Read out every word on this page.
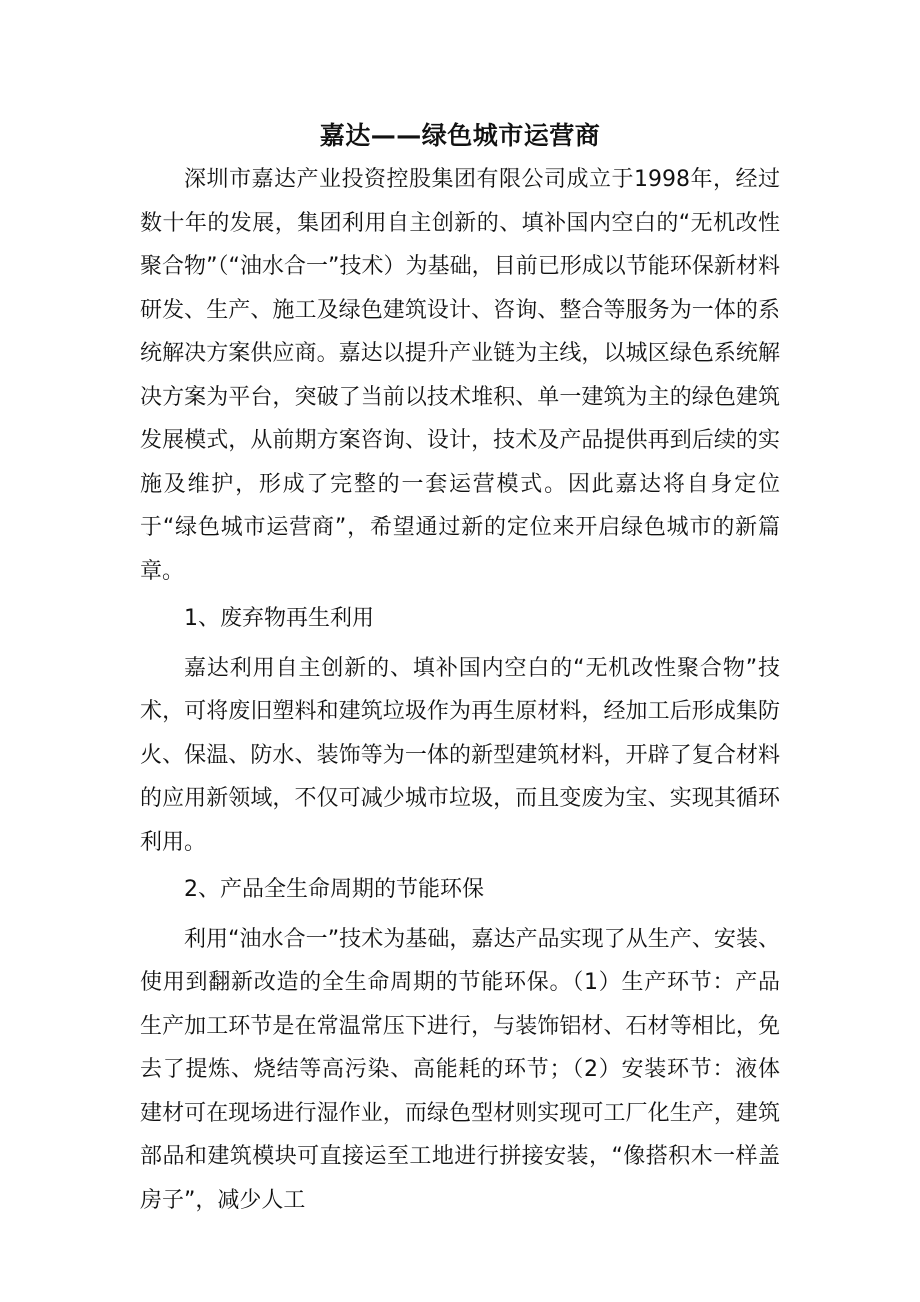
嘉达——绿色城市运营商

深圳市嘉达产业投资控股集团有限公司成立于1998年，经过数十年的发展，集团利用自主创新的、填补国内空白的“无机改性聚合物”（“油水合一”技术）为基础，目前已形成以节能环保新材料研发、生产、施工及绿色建筑设计、咨询、整合等服务为一体的系统解决方案供应商。嘉达以提升产业链为主线，以城区绿色系统解决方案为平台，突破了当前以技术堆积、单一建筑为主的绿色建筑发展模式，从前期方案咨询、设计，技术及产品提供再到后续的实施及维护，形成了完整的一套运营模式。因此嘉达将自身定位于“绿色城市运营商”，希望通过新的定位来开启绿色城市的新篇章。

1、废弃物再生利用

嘉达利用自主创新的、填补国内空白的“无机改性聚合物”技术，可将废旧塑料和建筑垃圾作为再生原材料，经加工后形成集防火、保温、防水、装饰等为一体的新型建筑材料，开辟了复合材料的应用新领域，不仅可减少城市垃圾，而且变废为宝、实现其循环利用。

2、产品全生命周期的节能环保

利用“油水合一”技术为基础，嘉达产品实现了从生产、安装、使用到翻新改造的全生命周期的节能环保。（1）生产环节：产品生产加工环节是在常温常压下进行，与装饰铝材、石材等相比，免去了提炼、烧结等高污染、高能耗的环节；（2）安装环节：液体建材可在现场进行湿作业，而绿色型材则实现可工厂化生产，建筑部品和建筑模块可直接运至工地进行拼接安装，“像搭积木一样盖房子”，减少人工
